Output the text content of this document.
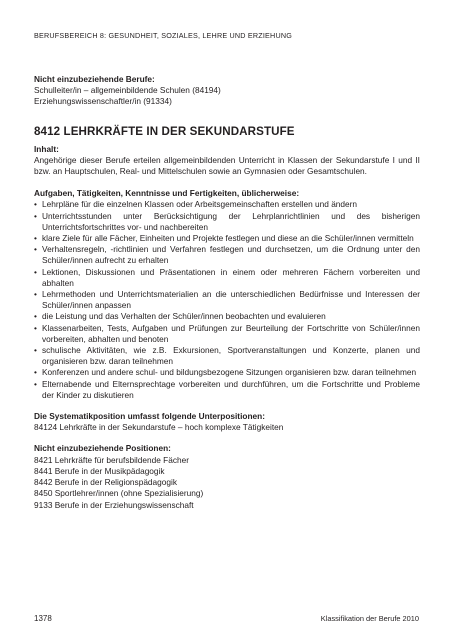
BERUFSBEREICH 8: GESUNDHEIT, SOZIALES, LEHRE UND ERZIEHUNG
Nicht einzubeziehende Berufe:
Schulleiter/in – allgemeinbildende Schulen (84194)
Erziehungswissenschaftler/in (91334)
8412 LEHRKRÄFTE IN DER SEKUNDARSTUFE
Inhalt:
Angehörige dieser Berufe erteilen allgemeinbildenden Unterricht in Klassen der Sekundarstufe I und II bzw. an Hauptschulen, Real- und Mittelschulen sowie an Gymnasien oder Gesamtschulen.
Aufgaben, Tätigkeiten, Kenntnisse und Fertigkeiten, üblicherweise:
• Lehrpläne für die einzelnen Klassen oder Arbeitsgemeinschaften erstellen und ändern
• Unterrichtsstunden unter Berücksichtigung der Lehrplanrichtlinien und des bisherigen Unterrichtsfortschrittes vor- und nachbereiten
• klare Ziele für alle Fächer, Einheiten und Projekte festlegen und diese an die Schüler/innen vermitteln
• Verhaltensregeln, -richtlinien und Verfahren festlegen und durchsetzen, um die Ordnung unter den Schüler/innen aufrecht zu erhalten
• Lektionen, Diskussionen und Präsentationen in einem oder mehreren Fächern vorbereiten und abhalten
• Lehrmethoden und Unterrichtsmaterialien an die unterschiedlichen Bedürfnisse und Interessen der Schüler/innen anpassen
• die Leistung und das Verhalten der Schüler/innen beobachten und evaluieren
• Klassenarbeiten, Tests, Aufgaben und Prüfungen zur Beurteilung der Fortschritte von Schüler/innen vorbereiten, abhalten und benoten
• schulische Aktivitäten, wie z.B. Exkursionen, Sportveranstaltungen und Konzerte, planen und organisieren bzw. daran teilnehmen
• Konferenzen und andere schul- und bildungsbezogene Sitzungen organisieren bzw. daran teilnehmen
• Elternabende und Elternsprechtage vorbereiten und durchführen, um die Fortschritte und Probleme der Kinder zu diskutieren
Die Systematikposition umfasst folgende Unterpositionen:
84124 Lehrkräfte in der Sekundarstufe – hoch komplexe Tätigkeiten
Nicht einzubeziehende Positionen:
8421 Lehrkräfte für berufsbildende Fächer
8441 Berufe in der Musikpädagogik
8442 Berufe in der Religionspädagogik
8450 Sportlehrer/innen (ohne Spezialisierung)
9133 Berufe in der Erziehungswissenschaft
1378	Klassifikation der Berufe 2010
